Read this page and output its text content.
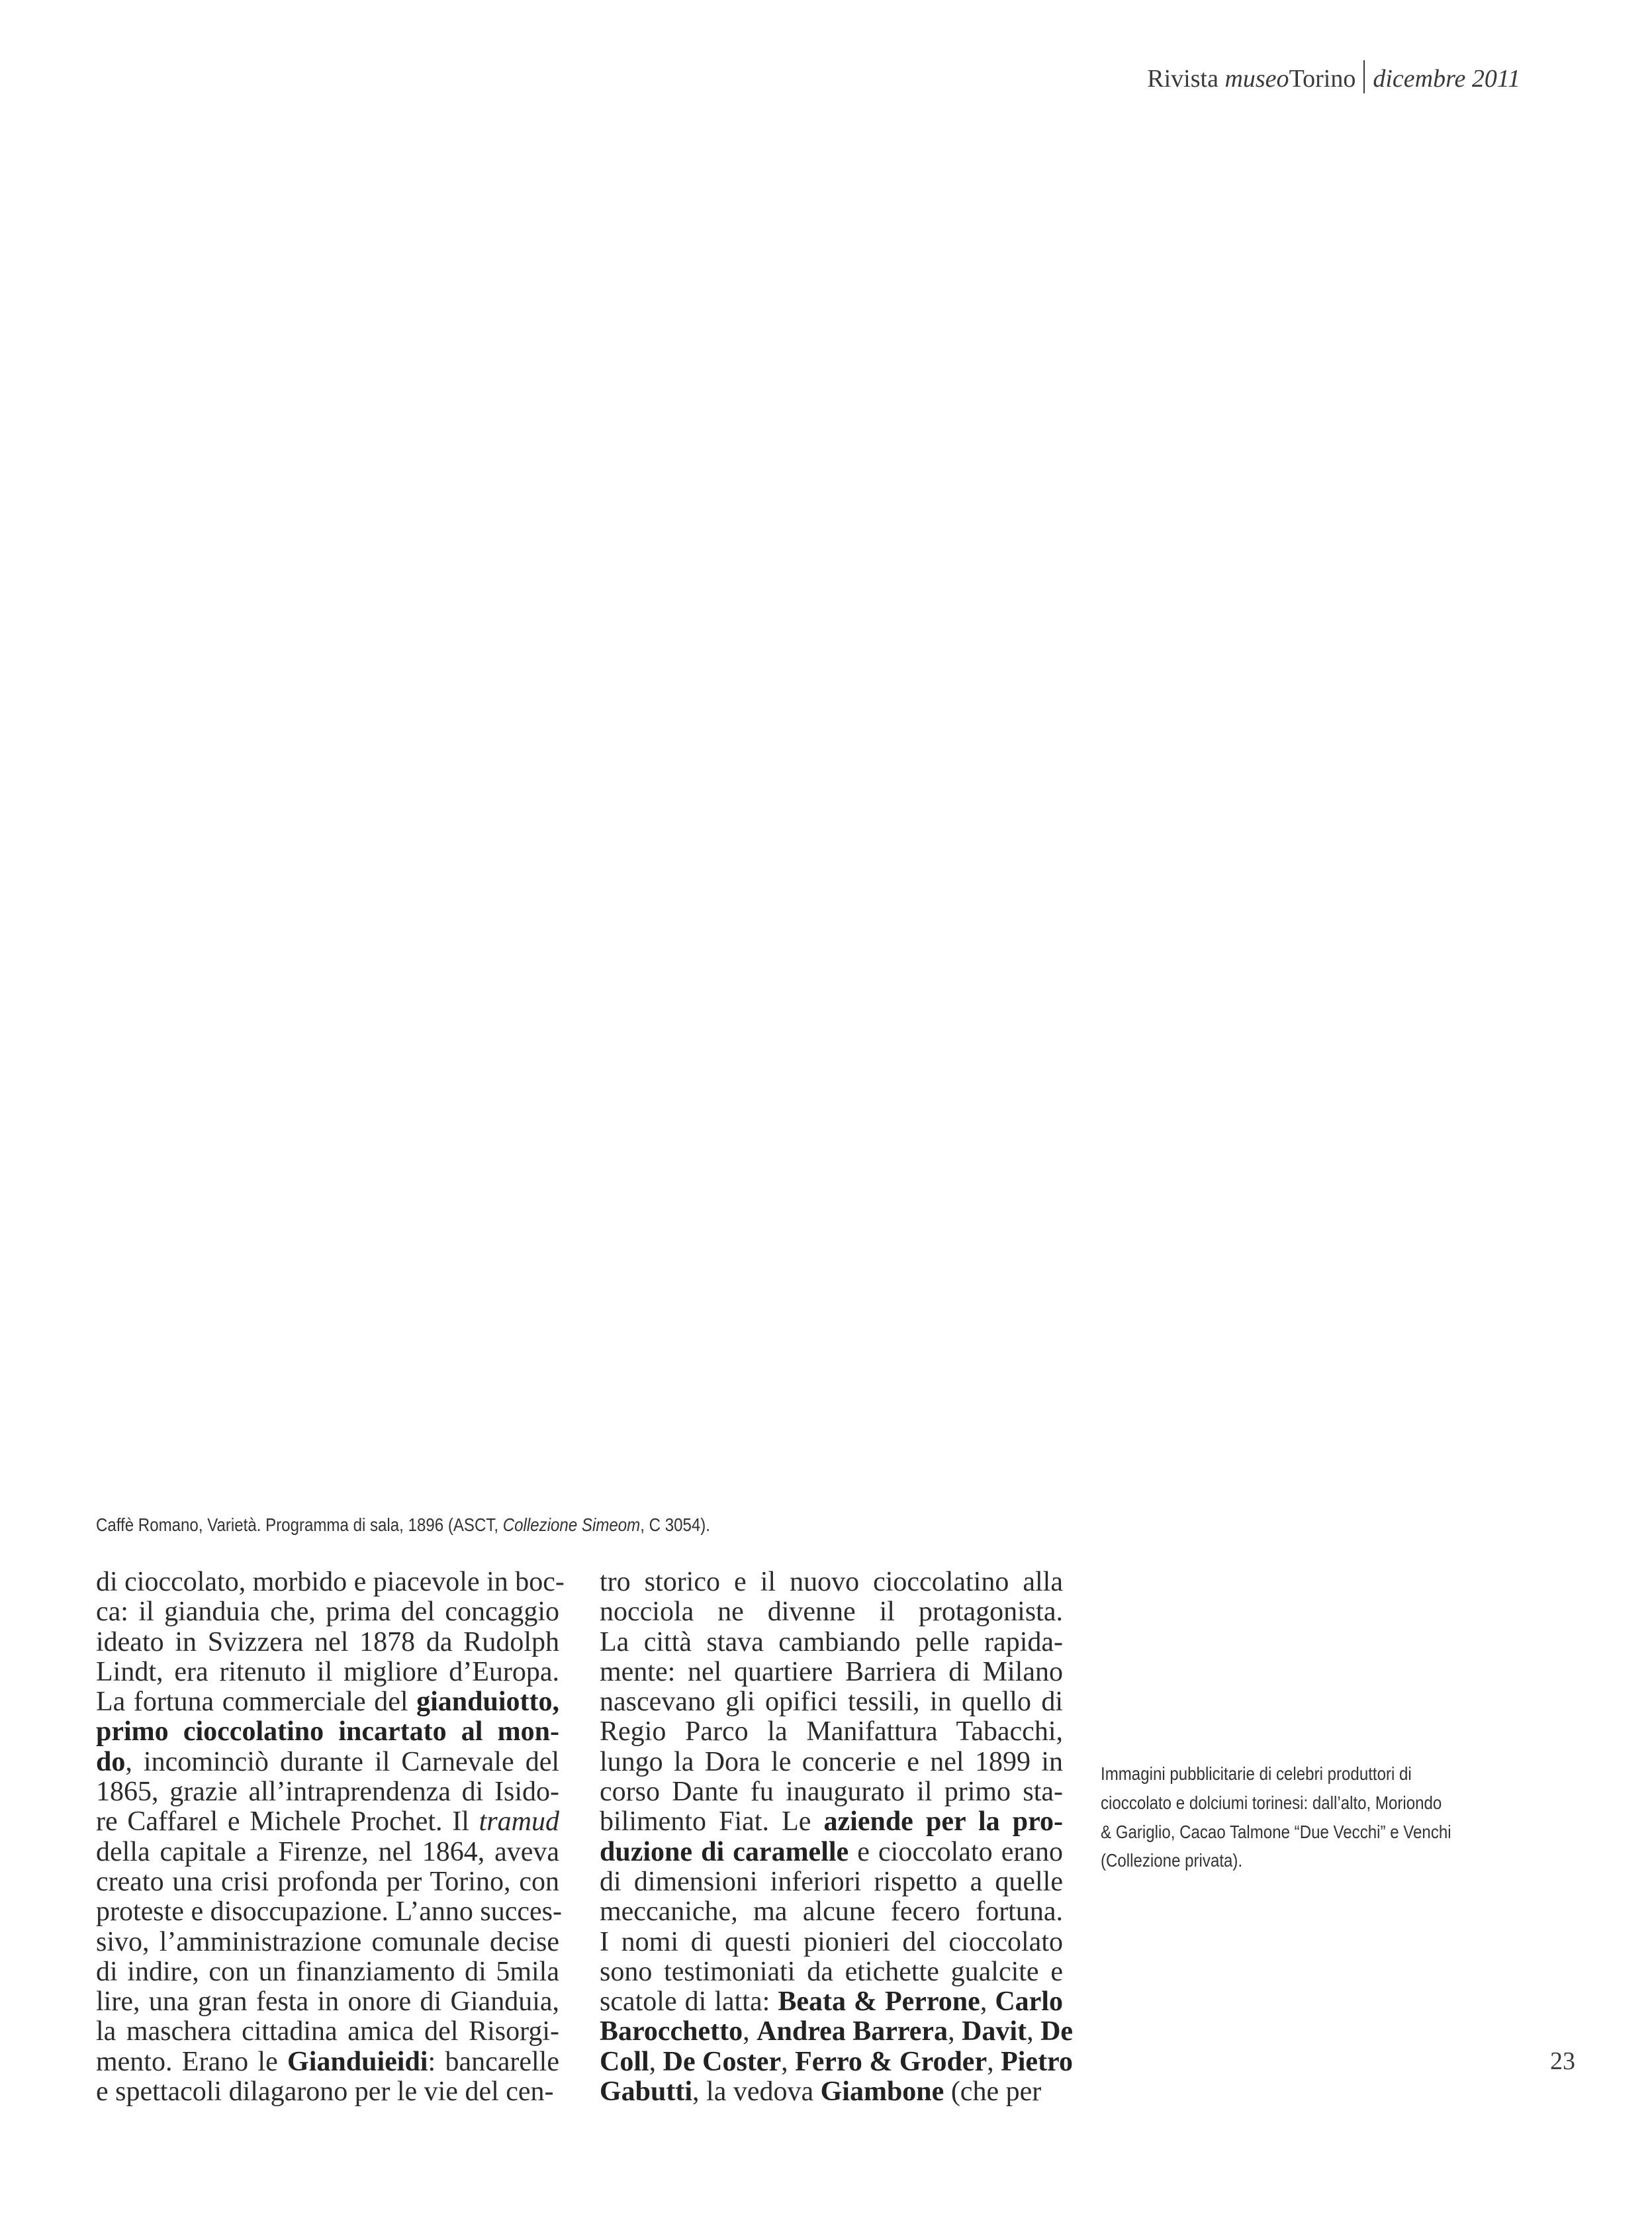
Rivista museoTorino dicembre 2011
Caffè Romano, Varietà. Programma di sala, 1896 (ASCT, Collezione Simeom, C 3054).
di cioccolato, morbido e piacevole in boc-
ca: il gianduia che, prima del concaggio
ideato in Svizzera nel 1878 da Rudolph
Lindt, era ritenuto il migliore d’Europa.
La fortuna commerciale del gianduiotto,
primo cioccolatino incartato al mon-
do, incominciò durante il Carnevale del
1865, grazie all’intraprendenza di Isido-
re Caffarel e Michele Prochet. Il tramud
della capitale a Firenze, nel 1864, aveva
creato una crisi profonda per Torino, con
proteste e disoccupazione. L’anno succes-
sivo, l’amministrazione comunale decise
di indire, con un finanziamento di 5mila
lire, una gran festa in onore di Gianduia,
la maschera cittadina amica del Risorgi-
mento. Erano le Gianduieidi: bancarelle
e spettacoli dilagarono per le vie del cen-
tro storico e il nuovo cioccolatino alla
nocciola ne divenne il protagonista.
La città stava cambiando pelle rapida-
mente: nel quartiere Barriera di Milano
nascevano gli opifici tessili, in quello di
Regio Parco la Manifattura Tabacchi,
lungo la Dora le concerie e nel 1899 in
corso Dante fu inaugurato il primo sta-
bilimento Fiat. Le aziende per la pro-
duzione di caramelle e cioccolato erano
di dimensioni inferiori rispetto a quelle
meccaniche, ma alcune fecero fortuna.
I nomi di questi pionieri del cioccolato
sono testimoniati da etichette gualcite e
scatole di latta: Beata & Perrone, Carlo
Barocchetto, Andrea Barrera, Davit, De
Coll, De Coster, Ferro & Groder, Pietro
Gabutti, la vedova Giambone (che per
Immagini pubblicitarie di celebri produttori di
cioccolato e dolciumi torinesi: dall’alto, Moriondo
& Gariglio, Cacao Talmone “Due Vecchi” e Venchi
(Collezione privata).
23
